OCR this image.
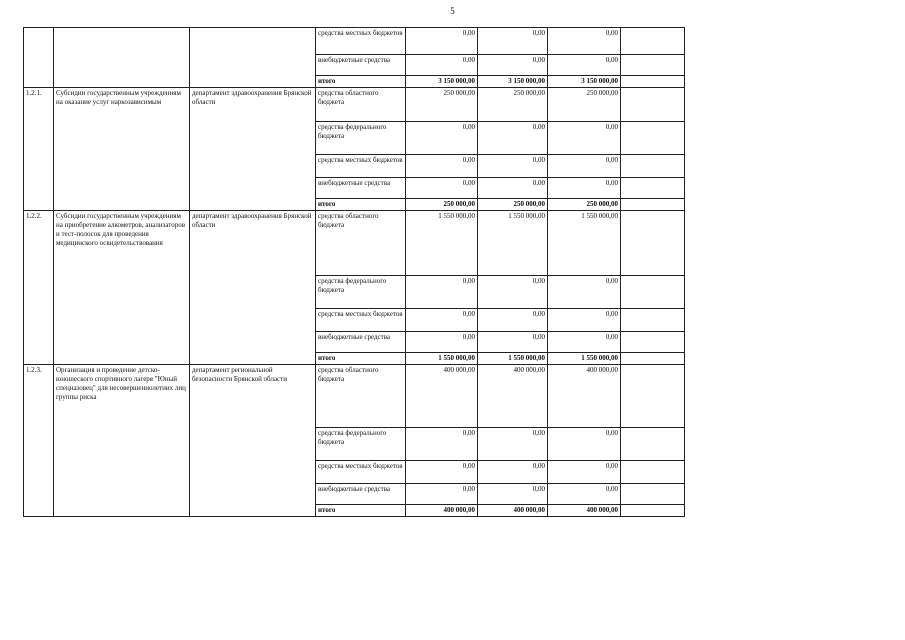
5
			средства местных бюджетов	0,00	0,00	0,00	
			внебюджетные средства	0,00	0,00	0,00	
			итого	3 150 000,00	3 150 000,00	3 150 000,00	
1.2.1.	Субсидии государственным учреждениям на оказание услуг наркозависимым	департамент здравоохранения Брянской области	средства областного бюджета	250 000,00	250 000,00	250 000,00	
			средства федерального бюджета	0,00	0,00	0,00	
			средства местных бюджетов	0,00	0,00	0,00	
			внебюджетные средства	0,00	0,00	0,00	
			итого	250 000,00	250 000,00	250 000,00	
1.2.2.	Субсидии государственным учреждениям на приобретение алкометров, анализаторов и тест-полосок для проведения медицинского освидетельствования	департамент здравоохранения Брянской области	средства областного бюджета	1 550 000,00	1 550 000,00	1 550 000,00	
			средства федерального бюджета	0,00	0,00	0,00	
			средства местных бюджетов	0,00	0,00	0,00	
			внебюджетные средства	0,00	0,00	0,00	
			итого	1 550 000,00	1 550 000,00	1 550 000,00	
1.2.3.	Организация и проведение детско-юношеского спортивного лагеря "Юный спецназовец" для несовершеннолетних лиц группы риска	департамент региональной безопасности Брянской области	средства областного бюджета	400 000,00	400 000,00	400 000,00	
			средства федерального бюджета	0,00	0,00	0,00	
			средства местных бюджетов	0,00	0,00	0,00	
			внебюджетные средства	0,00	0,00	0,00	
			итого	400 000,00	400 000,00	400 000,00	
